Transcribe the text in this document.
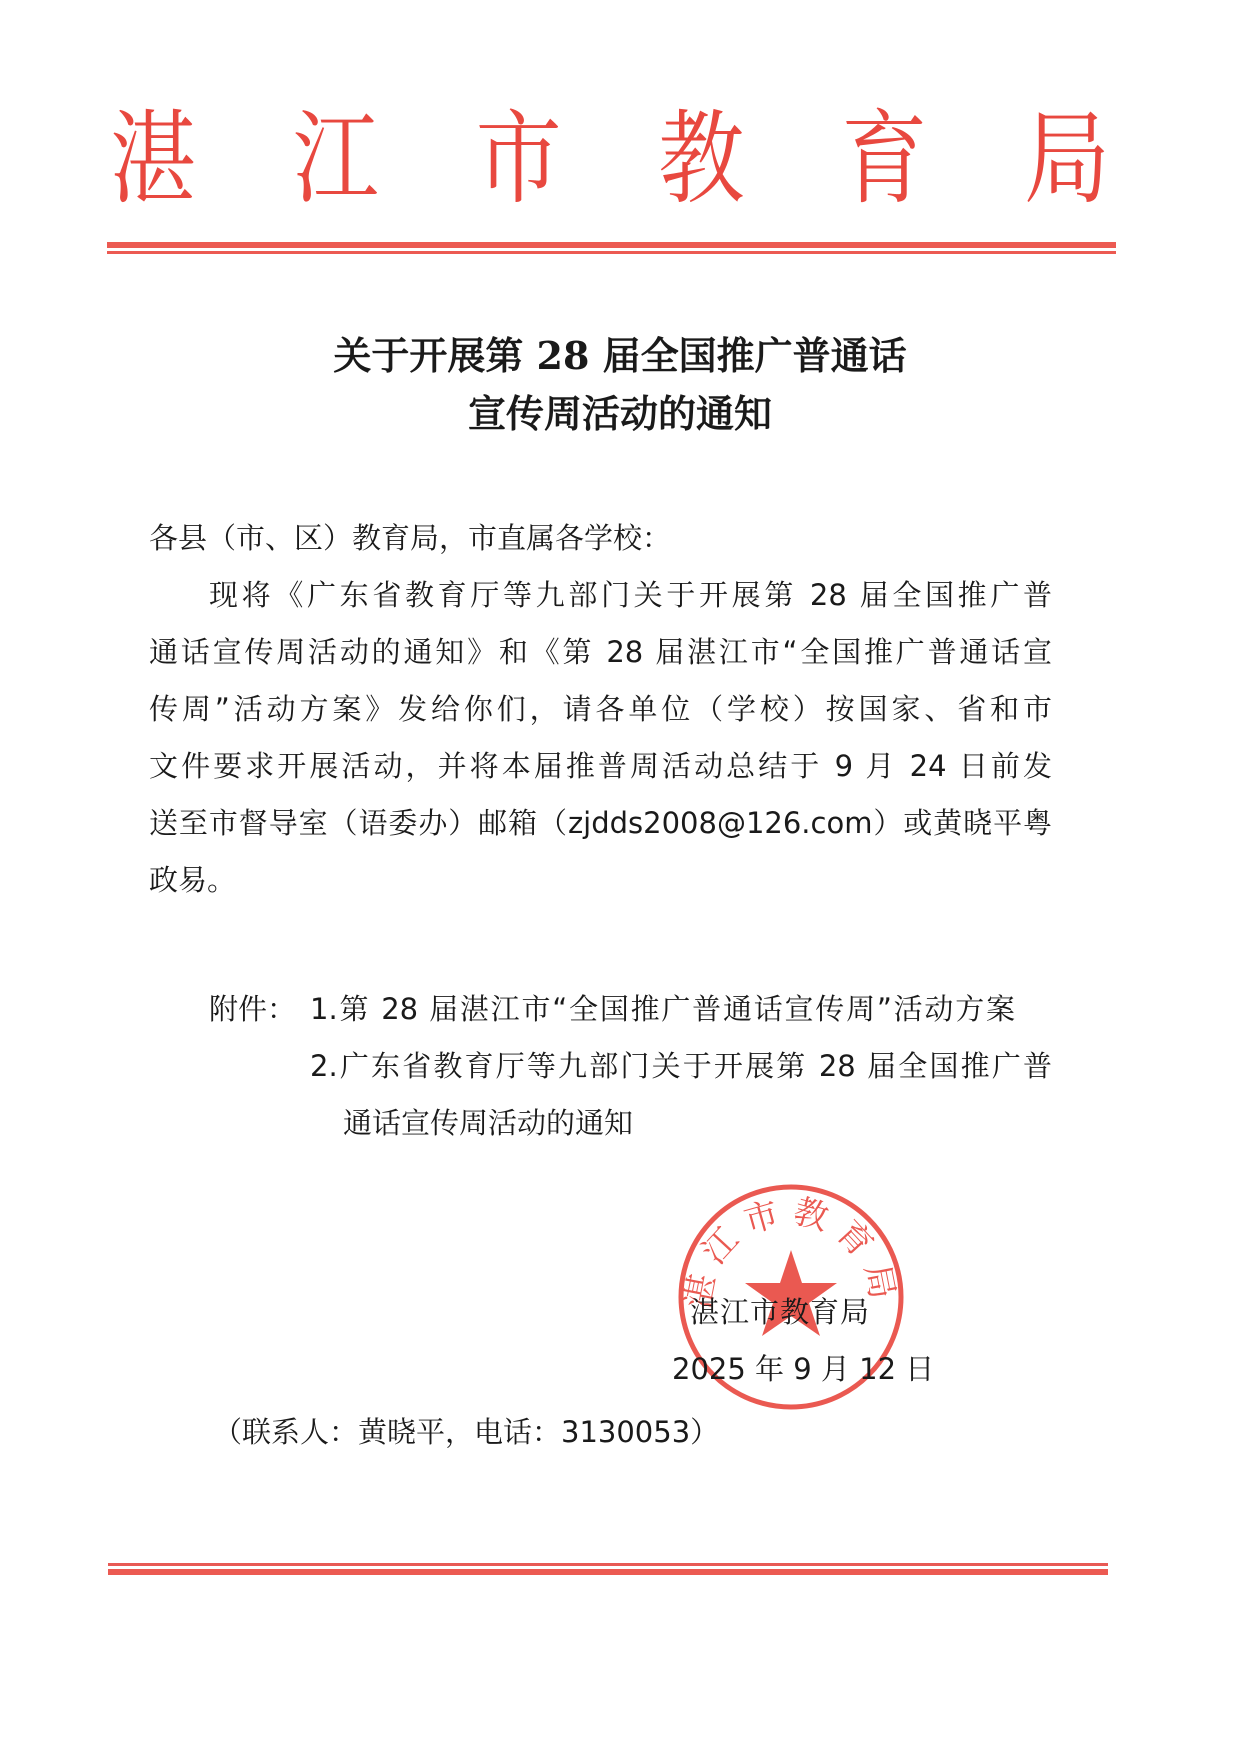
湛 江 市 教 育 局
关于开展第 28 届全国推广普通话
宣传周活动的通知
各县（市、区）教育局，市直属各学校：
现将《广东省教育厅等九部门关于开展第 28 届全国推广普
通话宣传周活动的通知》和《第 28 届湛江市“全国推广普通话宣
传周”活动方案》发给你们，请各单位（学校）按国家、省和市
文件要求开展活动，并将本届推普周活动总结于 9 月 24 日前发
送至市督导室（语委办）邮箱（zjdds2008@126.com）或黄晓平粤
政易。
附件： 1.第 28 届湛江市“全国推广普通话宣传周”活动方案
2.广东省教育厅等九部门关于开展第 28 届全国推广普
通话宣传周活动的通知
湛江市教育局
湛江市教育局
2025 年 9 月 12 日
（联系人：黄晓平，电话：3130053）
